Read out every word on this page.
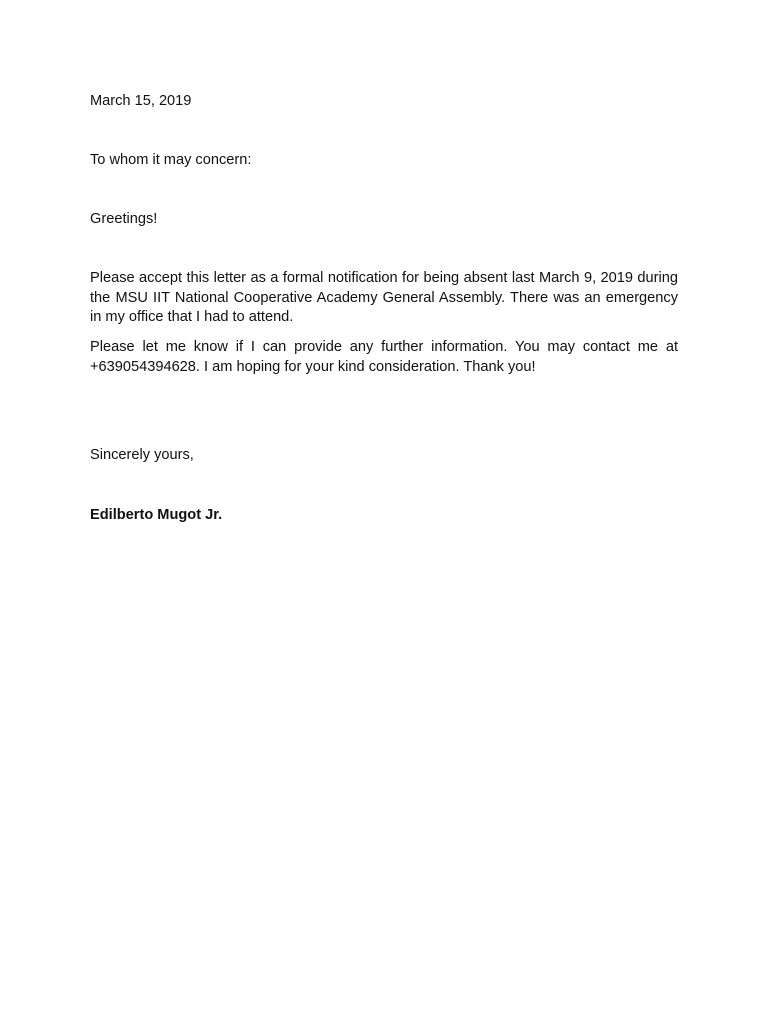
March 15, 2019

To whom it may concern:

Greetings!

Please accept this letter as a formal notification for being absent last March 9, 2019 during
the MSU IIT National Cooperative Academy General Assembly. There was an emergency
in my office that I had to attend.
Please let me know if I can provide any further information. You may contact me at
+639054394628. I am hoping for your kind consideration. Thank you!

Sincerely yours,

Edilberto Mugot Jr.
